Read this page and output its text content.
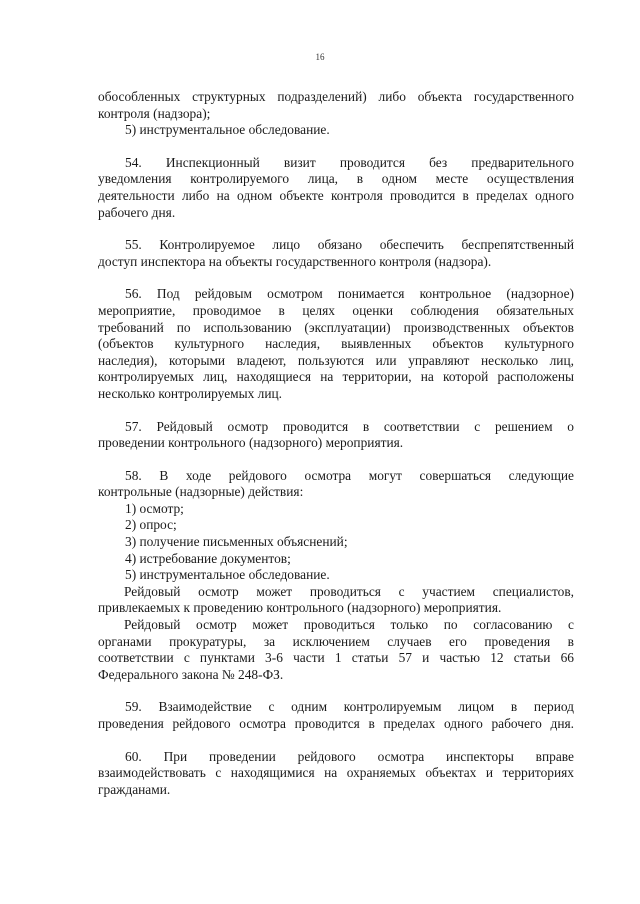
16
обособленных структурных подразделений) либо объекта государственного
контроля (надзора);
5) инструментальное обследование.
54. Инспекционный визит проводится без предварительного
уведомления контролируемого лица, в одном месте осуществления
деятельности либо на одном объекте контроля проводится в пределах одного
рабочего дня.
55. Контролируемое лицо обязано обеспечить беспрепятственный
доступ инспектора на объекты государственного контроля (надзора).
56. Под рейдовым осмотром понимается контрольное (надзорное)
мероприятие, проводимое в целях оценки соблюдения обязательных
требований по использованию (эксплуатации) производственных объектов
(объектов культурного наследия, выявленных объектов культурного
наследия), которыми владеют, пользуются или управляют несколько лиц,
контролируемых лиц, находящиеся на территории, на которой расположены
несколько контролируемых лиц.
57. Рейдовый осмотр проводится в соответствии с решением о
проведении контрольного (надзорного) мероприятия.
58. В ходе рейдового осмотра могут совершаться следующие
контрольные (надзорные) действия:
1) осмотр;
2) опрос;
3) получение письменных объяснений;
4) истребование документов;
5) инструментальное обследование.
Рейдовый осмотр может проводиться с участием специалистов,
привлекаемых к проведению контрольного (надзорного) мероприятия.
Рейдовый осмотр может проводиться только по согласованию с
органами прокуратуры, за исключением случаев его проведения в
соответствии с пунктами 3-6 части 1 статьи 57 и частью 12 статьи 66
Федерального закона № 248-ФЗ.
59. Взаимодействие с одним контролируемым лицом в период
проведения рейдового осмотра проводится в пределах одного рабочего дня.
60. При проведении рейдового осмотра инспекторы вправе
взаимодействовать с находящимися на охраняемых объектах и территориях
гражданами.
